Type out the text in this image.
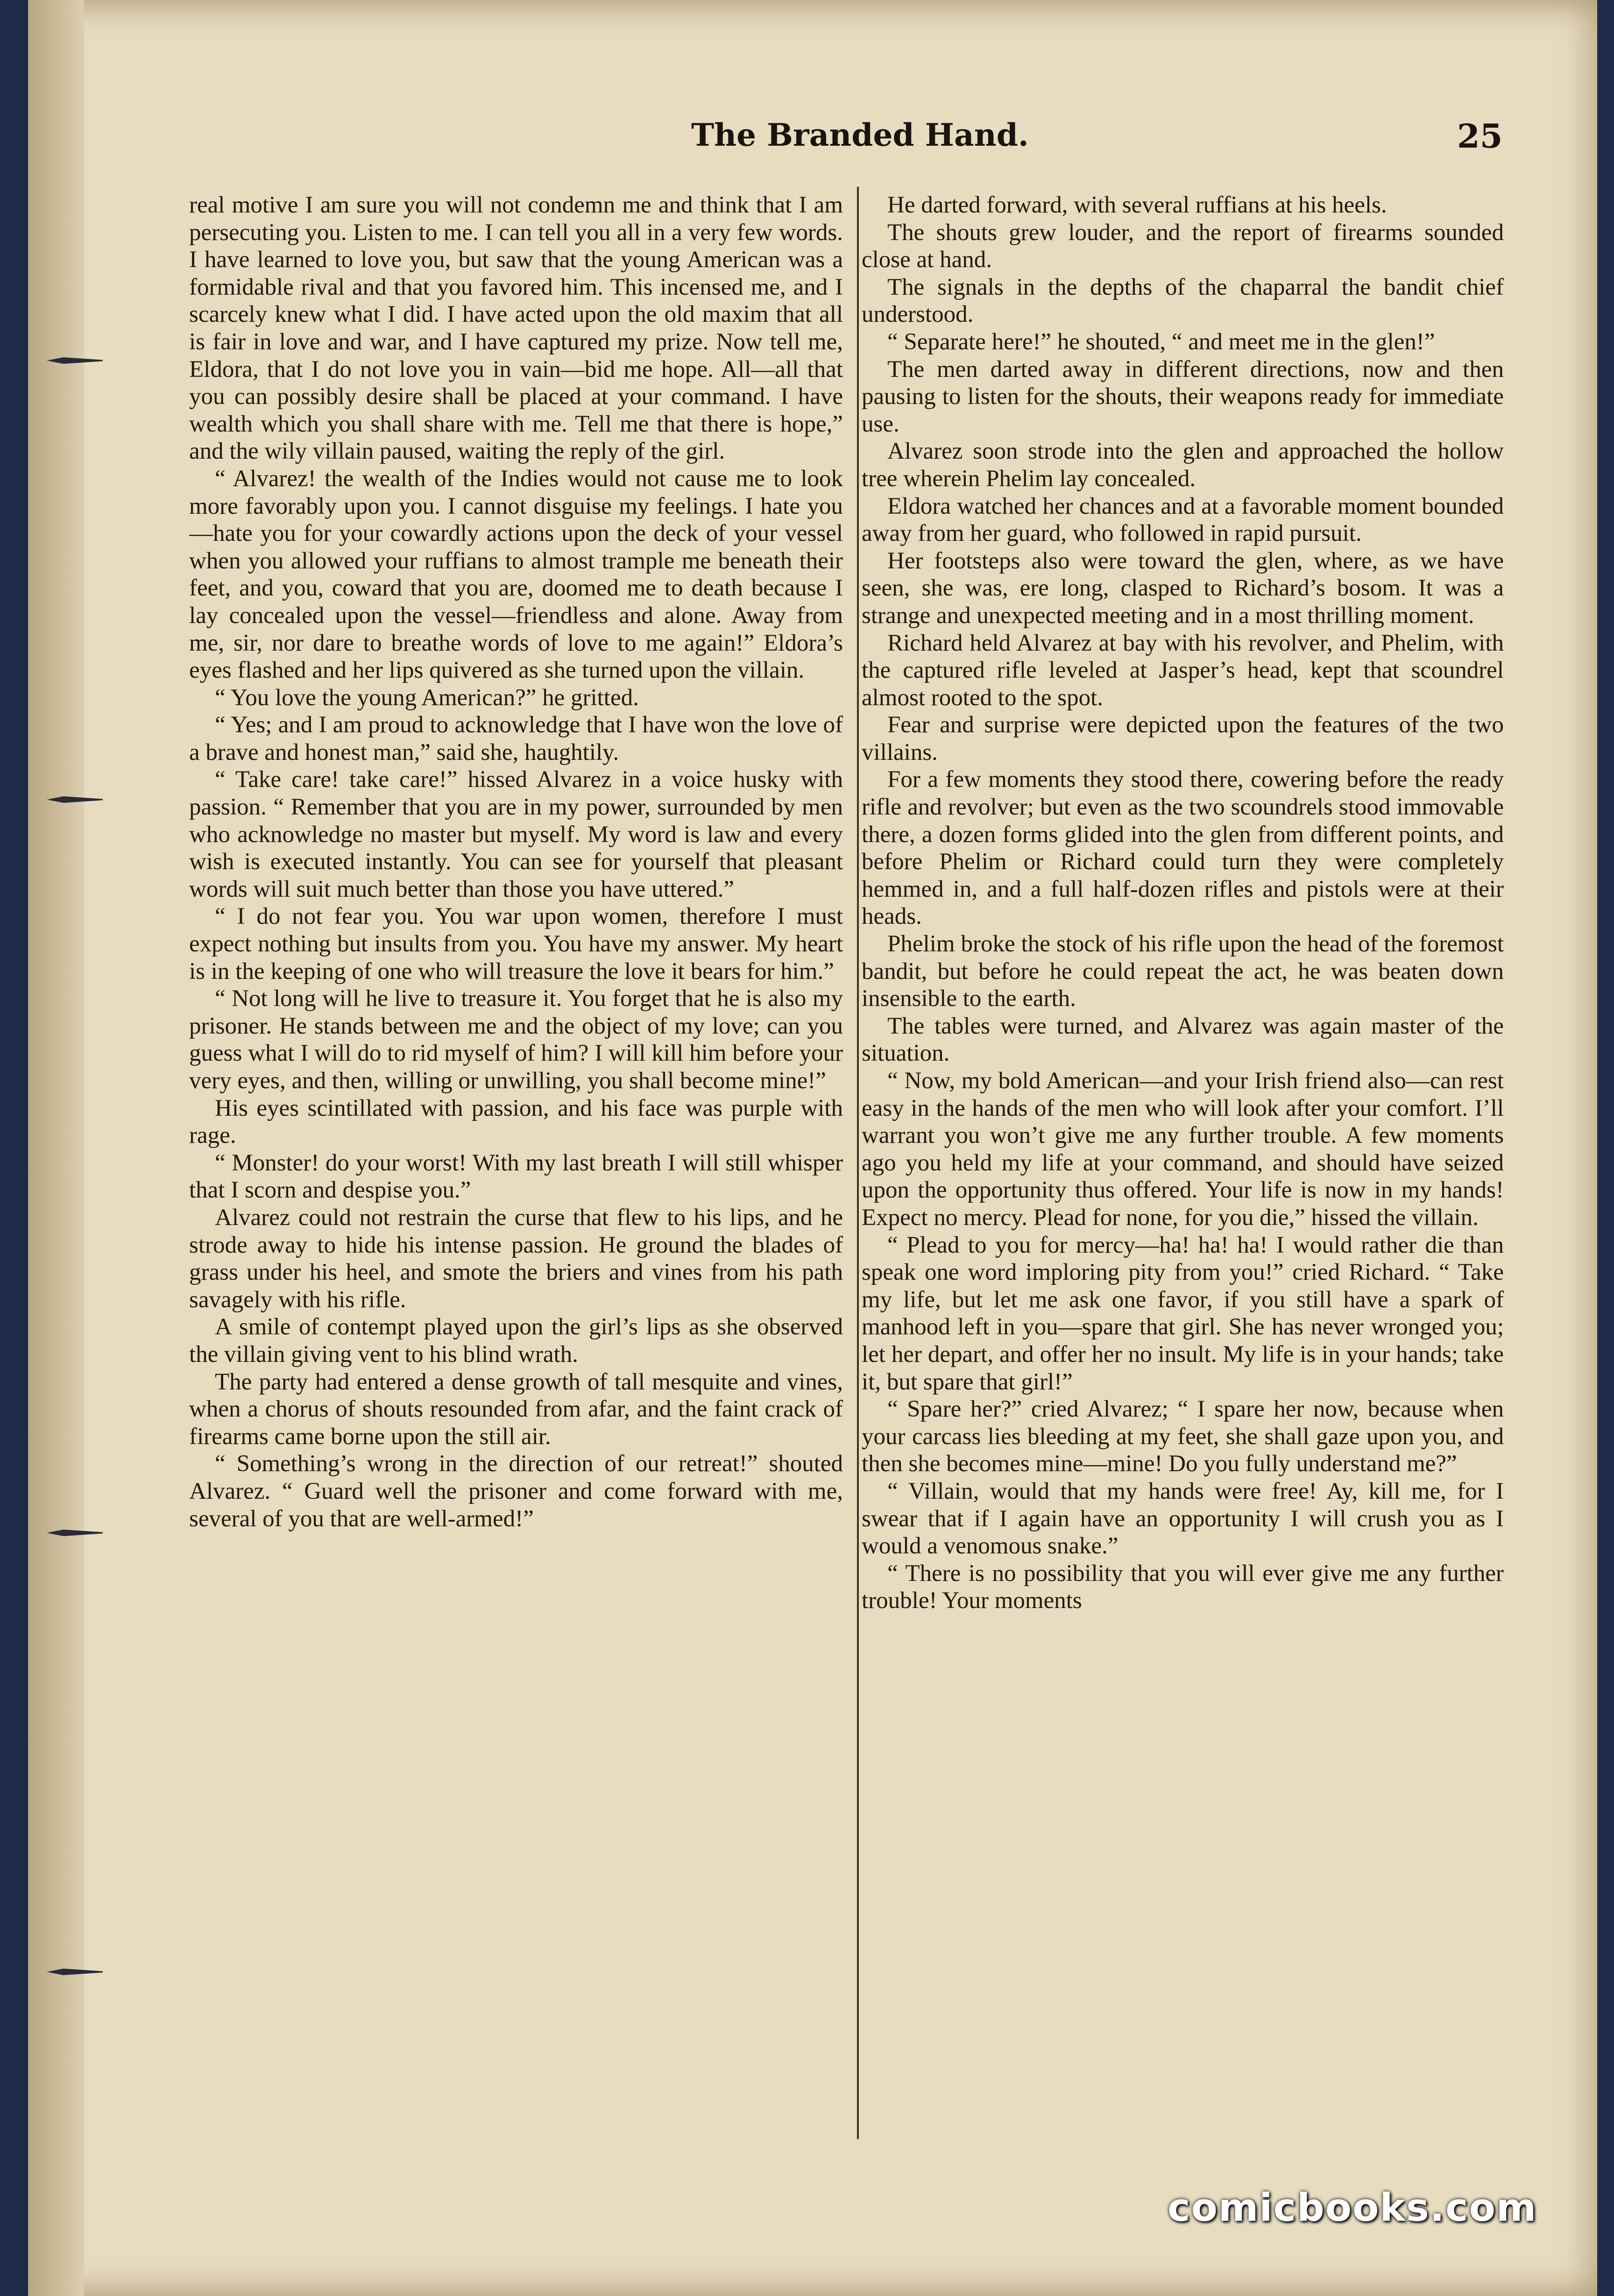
The Branded Hand.	25

real motive I am sure you will not condemn me and think that I am persecuting you. Listen to me. I can tell you all in a very few words. I have learned to love you, but saw that the young American was a formidable rival and that you favored him. This incensed me, and I scarcely knew what I did. I have acted upon the old maxim that all is fair in love and war, and I have captured my prize. Now tell me, Eldora, that I do not love you in vain—bid me hope. All—all that you can possibly desire shall be placed at your command. I have wealth which you shall share with me. Tell me that there is hope,” and the wily villain paused, waiting the reply of the girl.

“ Alvarez! the wealth of the Indies would not cause me to look more favorably upon you. I cannot disguise my feelings. I hate you—hate you for your cowardly actions upon the deck of your vessel when you allowed your ruffians to almost trample me beneath their feet, and you, coward that you are, doomed me to death because I lay concealed upon the vessel—friendless and alone. Away from me, sir, nor dare to breathe words of love to me again!” Eldora’s eyes flashed and her lips quivered as she turned upon the villain.

“ You love the young American?” he gritted.

“ Yes; and I am proud to acknowledge that I have won the love of a brave and honest man,” said she, haughtily.

“ Take care! take care!” hissed Alvarez in a voice husky with passion. “ Remember that you are in my power, surrounded by men who acknowledge no master but myself. My word is law and every wish is executed instantly. You can see for yourself that pleasant words will suit much better than those you have uttered.”

“ I do not fear you. You war upon women, therefore I must expect nothing but insults from you. You have my answer. My heart is in the keeping of one who will treasure the love it bears for him.”

“ Not long will he live to treasure it. You forget that he is also my prisoner. He stands between me and the object of my love; can you guess what I will do to rid myself of him? I will kill him before your very eyes, and then, willing or unwilling, you shall become mine!”

His eyes scintillated with passion, and his face was purple with rage.

“ Monster! do your worst! With my last breath I will still whisper that I scorn and despise you.”

Alvarez could not restrain the curse that flew to his lips, and he strode away to hide his intense passion. He ground the blades of grass under his heel, and smote the briers and vines from his path savagely with his rifle.

A smile of contempt played upon the girl’s lips as she observed the villain giving vent to his blind wrath.

The party had entered a dense growth of tall mesquite and vines, when a chorus of shouts resounded from afar, and the faint crack of firearms came borne upon the still air.

“ Something’s wrong in the direction of our retreat!” shouted Alvarez. “ Guard well the prisoner and come forward with me, several of you that are well-armed!”

He darted forward, with several ruffians at his heels.

The shouts grew louder, and the report of firearms sounded close at hand.

The signals in the depths of the chaparral the bandit chief understood.

“ Separate here!” he shouted, “ and meet me in the glen!”

The men darted away in different directions, now and then pausing to listen for the shouts, their weapons ready for immediate use.

Alvarez soon strode into the glen and approached the hollow tree wherein Phelim lay concealed.

Eldora watched her chances and at a favorable moment bounded away from her guard, who followed in rapid pursuit.

Her footsteps also were toward the glen, where, as we have seen, she was, ere long, clasped to Richard’s bosom. It was a strange and unexpected meeting and in a most thrilling moment.

Richard held Alvarez at bay with his revolver, and Phelim, with the captured rifle leveled at Jasper’s head, kept that scoundrel almost rooted to the spot.

Fear and surprise were depicted upon the features of the two villains.

For a few moments they stood there, cowering before the ready rifle and revolver; but even as the two scoundrels stood immovable there, a dozen forms glided into the glen from different points, and before Phelim or Richard could turn they were completely hemmed in, and a full half-dozen rifles and pistols were at their heads.

Phelim broke the stock of his rifle upon the head of the foremost bandit, but before he could repeat the act, he was beaten down insensible to the earth.

The tables were turned, and Alvarez was again master of the situation.

“ Now, my bold American—and your Irish friend also—can rest easy in the hands of the men who will look after your comfort. I’ll warrant you won’t give me any further trouble. A few moments ago you held my life at your command, and should have seized upon the opportunity thus offered. Your life is now in my hands! Expect no mercy. Plead for none, for you die,” hissed the villain.

“ Plead to you for mercy—ha! ha! ha! I would rather die than speak one word imploring pity from you!” cried Richard. “ Take my life, but let me ask one favor, if you still have a spark of manhood left in you—spare that girl. She has never wronged you; let her depart, and offer her no insult. My life is in your hands; take it, but spare that girl!”

“ Spare her?” cried Alvarez; “ I spare her now, because when your carcass lies bleeding at my feet, she shall gaze upon you, and then she becomes mine—mine! Do you fully understand me?”

“ Villain, would that my hands were free! Ay, kill me, for I swear that if I again have an opportunity I will crush you as I would a venomous snake.”

“ There is no possibility that you will ever give me any further trouble! Your moments

comicbooks.com
